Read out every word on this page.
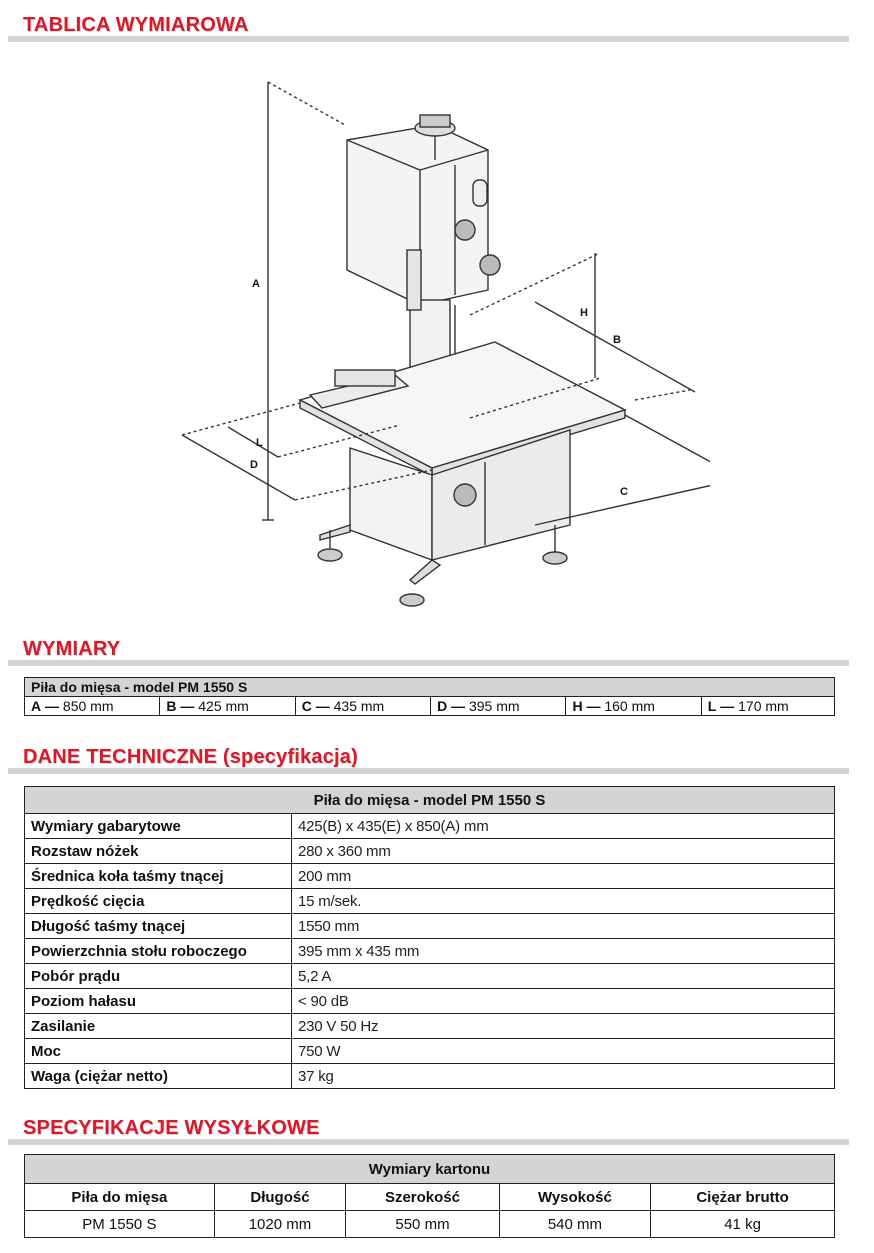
TABLICA WYMIAROWA
A
H
B
C
D
L
WYMIARY
Piła do mięsa - model PM 1550 S
A — 850 mm	B — 425 mm	C — 435 mm	D — 395 mm	H — 160 mm	L — 170 mm
DANE TECHNICZNE (specyfikacja)
Piła do mięsa - model PM 1550 S	
Wymiary gabarytowe	425(B) x 435(E) x 850(A) mm
Rozstaw nóżek	280 x 360 mm
Średnica koła taśmy tnącej	200 mm
Prędkość cięcia	15 m/sek.
Długość taśmy tnącej	1550 mm
Powierzchnia stołu roboczego	395 mm x 435 mm
Pobór prądu	5,2 A
Poziom hałasu	< 90 dB
Zasilanie	230 V 50 Hz
Moc	750 W
Waga (ciężar netto)	37 kg
SPECYFIKACJE WYSYŁKOWE
Wymiary kartonu				
Piła do mięsa	Długość	Szerokość	Wysokość	Ciężar brutto
PM 1550 S	1020 mm	550 mm	540 mm	41 kg
